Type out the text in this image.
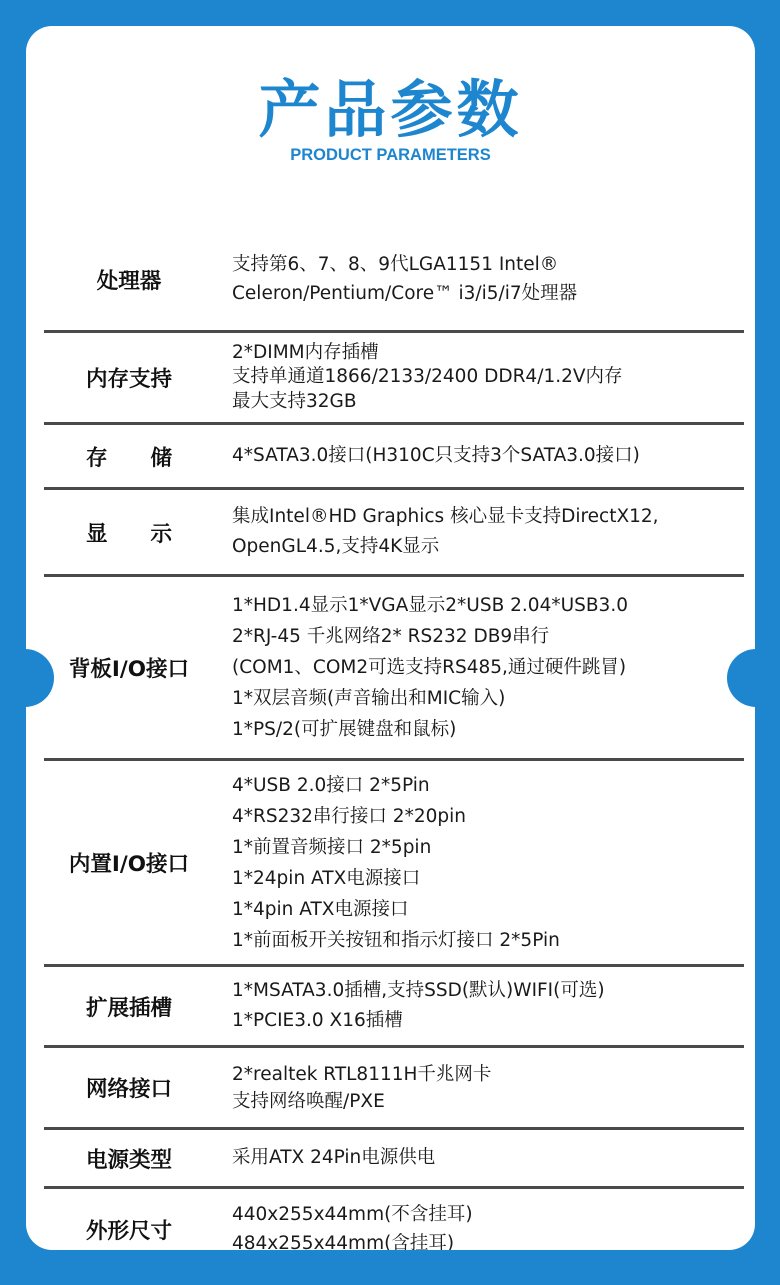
产品参数
PRODUCT PARAMETERS
处理器
支持第6、7、8、9代LGA1151 Intel®
Celeron/Pentium/Core™ i3/i5/i7处理器
内存支持
2*DIMM内存插槽
支持单通道1866/2133/2400 DDR4/1.2V内存
最大支持32GB
存　　储	4*SATA3.0接口(H310C只支持3个SATA3.0接口)
显　　示
集成Intel®HD Graphics 核心显卡支持DirectX12,
OpenGL4.5,支持4K显示
背板I/O接口
1*HD1.4显示1*VGA显示2*USB 2.04*USB3.0
2*RJ-45 千兆网络2* RS232 DB9串行
(COM1、COM2可选支持RS485,通过硬件跳冒)
1*双层音频(声音输出和MIC输入)
1*PS/2(可扩展键盘和鼠标)
内置I/O接口
4*USB 2.0接口 2*5Pin
4*RS232串行接口 2*20pin
1*前置音频接口 2*5pin
1*24pin ATX电源接口
1*4pin ATX电源接口
1*前面板开关按钮和指示灯接口 2*5Pin
扩展插槽
1*MSATA3.0插槽,支持SSD(默认)WIFI(可选)
1*PCIE3.0 X16插槽
网络接口
2*realtek RTL8111H千兆网卡
支持网络唤醒/PXE
电源类型	采用ATX 24Pin电源供电
外形尺寸
440x255x44mm(不含挂耳)
484x255x44mm(含挂耳)
